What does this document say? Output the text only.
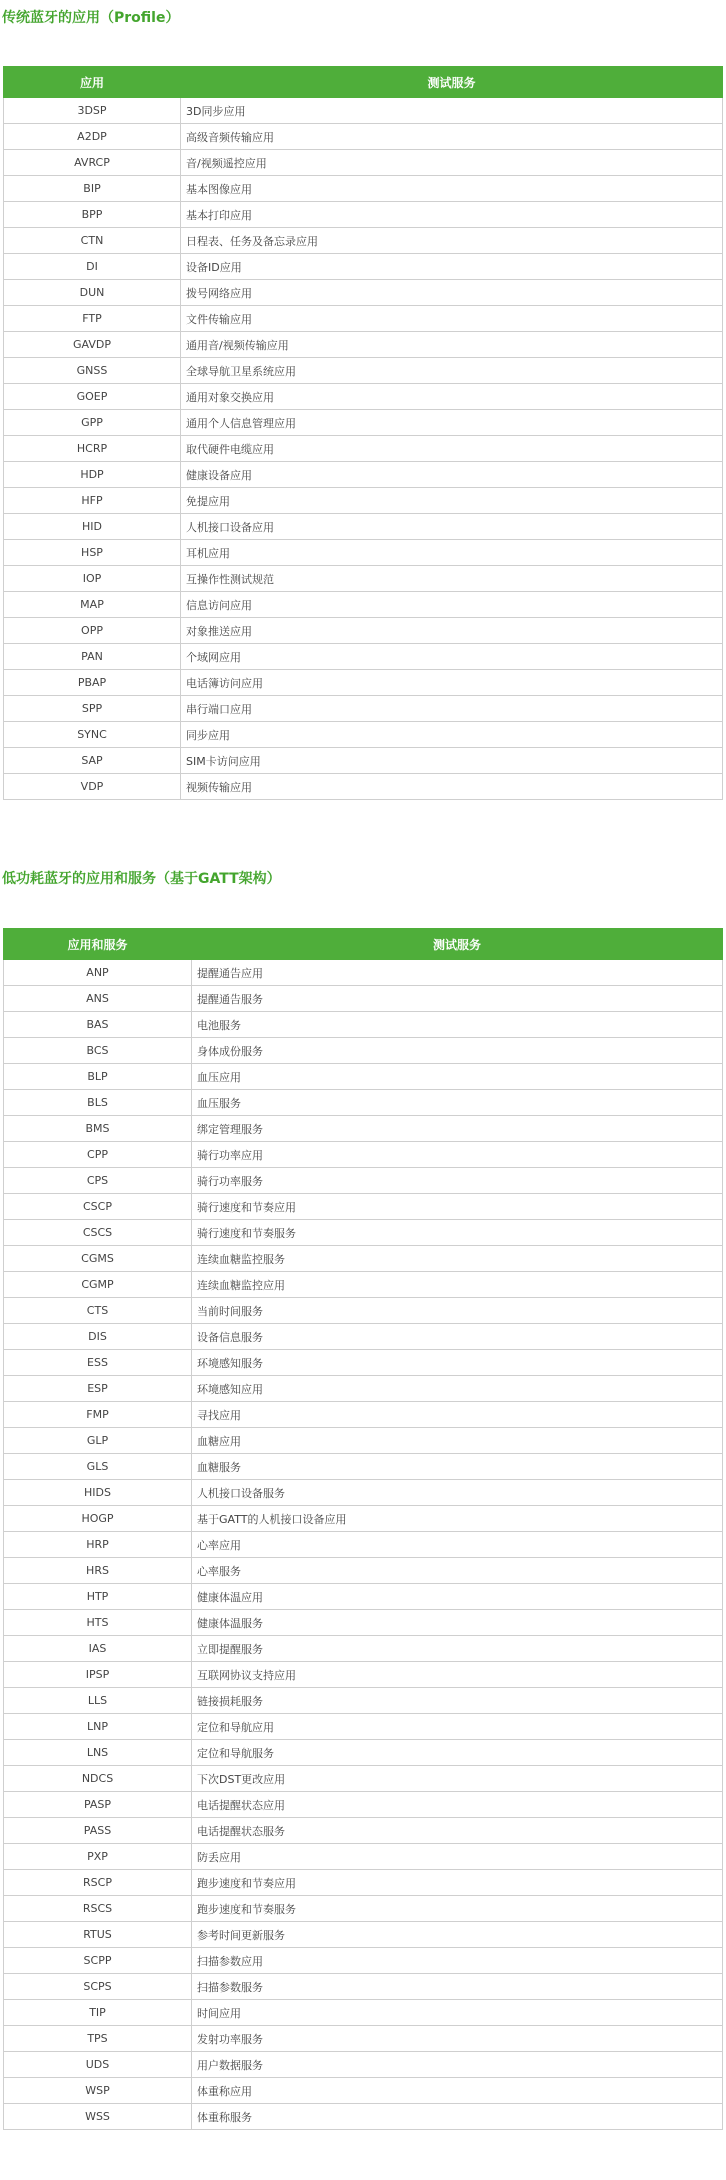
传统蓝牙的应用（Profile）
应用	测试服务
3DSP	3D同步应用
A2DP	高级音频传输应用
AVRCP	音/视频遥控应用
BIP	基本图像应用
BPP	基本打印应用
CTN	日程表、任务及备忘录应用
DI	设备ID应用
DUN	拨号网络应用
FTP	文件传输应用
GAVDP	通用音/视频传输应用
GNSS	全球导航卫星系统应用
GOEP	通用对象交换应用
GPP	通用个人信息管理应用
HCRP	取代硬件电缆应用
HDP	健康设备应用
HFP	免提应用
HID	人机接口设备应用
HSP	耳机应用
IOP	互操作性测试规范
MAP	信息访问应用
OPP	对象推送应用
PAN	个域网应用
PBAP	电话簿访问应用
SPP	串行端口应用
SYNC	同步应用
SAP	SIM卡访问应用
VDP	视频传输应用
低功耗蓝牙的应用和服务（基于GATT架构）
应用和服务	测试服务
ANP	提醒通告应用
ANS	提醒通告服务
BAS	电池服务
BCS	身体成份服务
BLP	血压应用
BLS	血压服务
BMS	绑定管理服务
CPP	骑行功率应用
CPS	骑行功率服务
CSCP	骑行速度和节奏应用
CSCS	骑行速度和节奏服务
CGMS	连续血糖监控服务
CGMP	连续血糖监控应用
CTS	当前时间服务
DIS	设备信息服务
ESS	环境感知服务
ESP	环境感知应用
FMP	寻找应用
GLP	血糖应用
GLS	血糖服务
HIDS	人机接口设备服务
HOGP	基于GATT的人机接口设备应用
HRP	心率应用
HRS	心率服务
HTP	健康体温应用
HTS	健康体温服务
IAS	立即提醒服务
IPSP	互联网协议支持应用
LLS	链接损耗服务
LNP	定位和导航应用
LNS	定位和导航服务
NDCS	下次DST更改应用
PASP	电话提醒状态应用
PASS	电话提醒状态服务
PXP	防丢应用
RSCP	跑步速度和节奏应用
RSCS	跑步速度和节奏服务
RTUS	参考时间更新服务
SCPP	扫描参数应用
SCPS	扫描参数服务
TIP	时间应用
TPS	发射功率服务
UDS	用户数据服务
WSP	体重称应用
WSS	体重称服务
